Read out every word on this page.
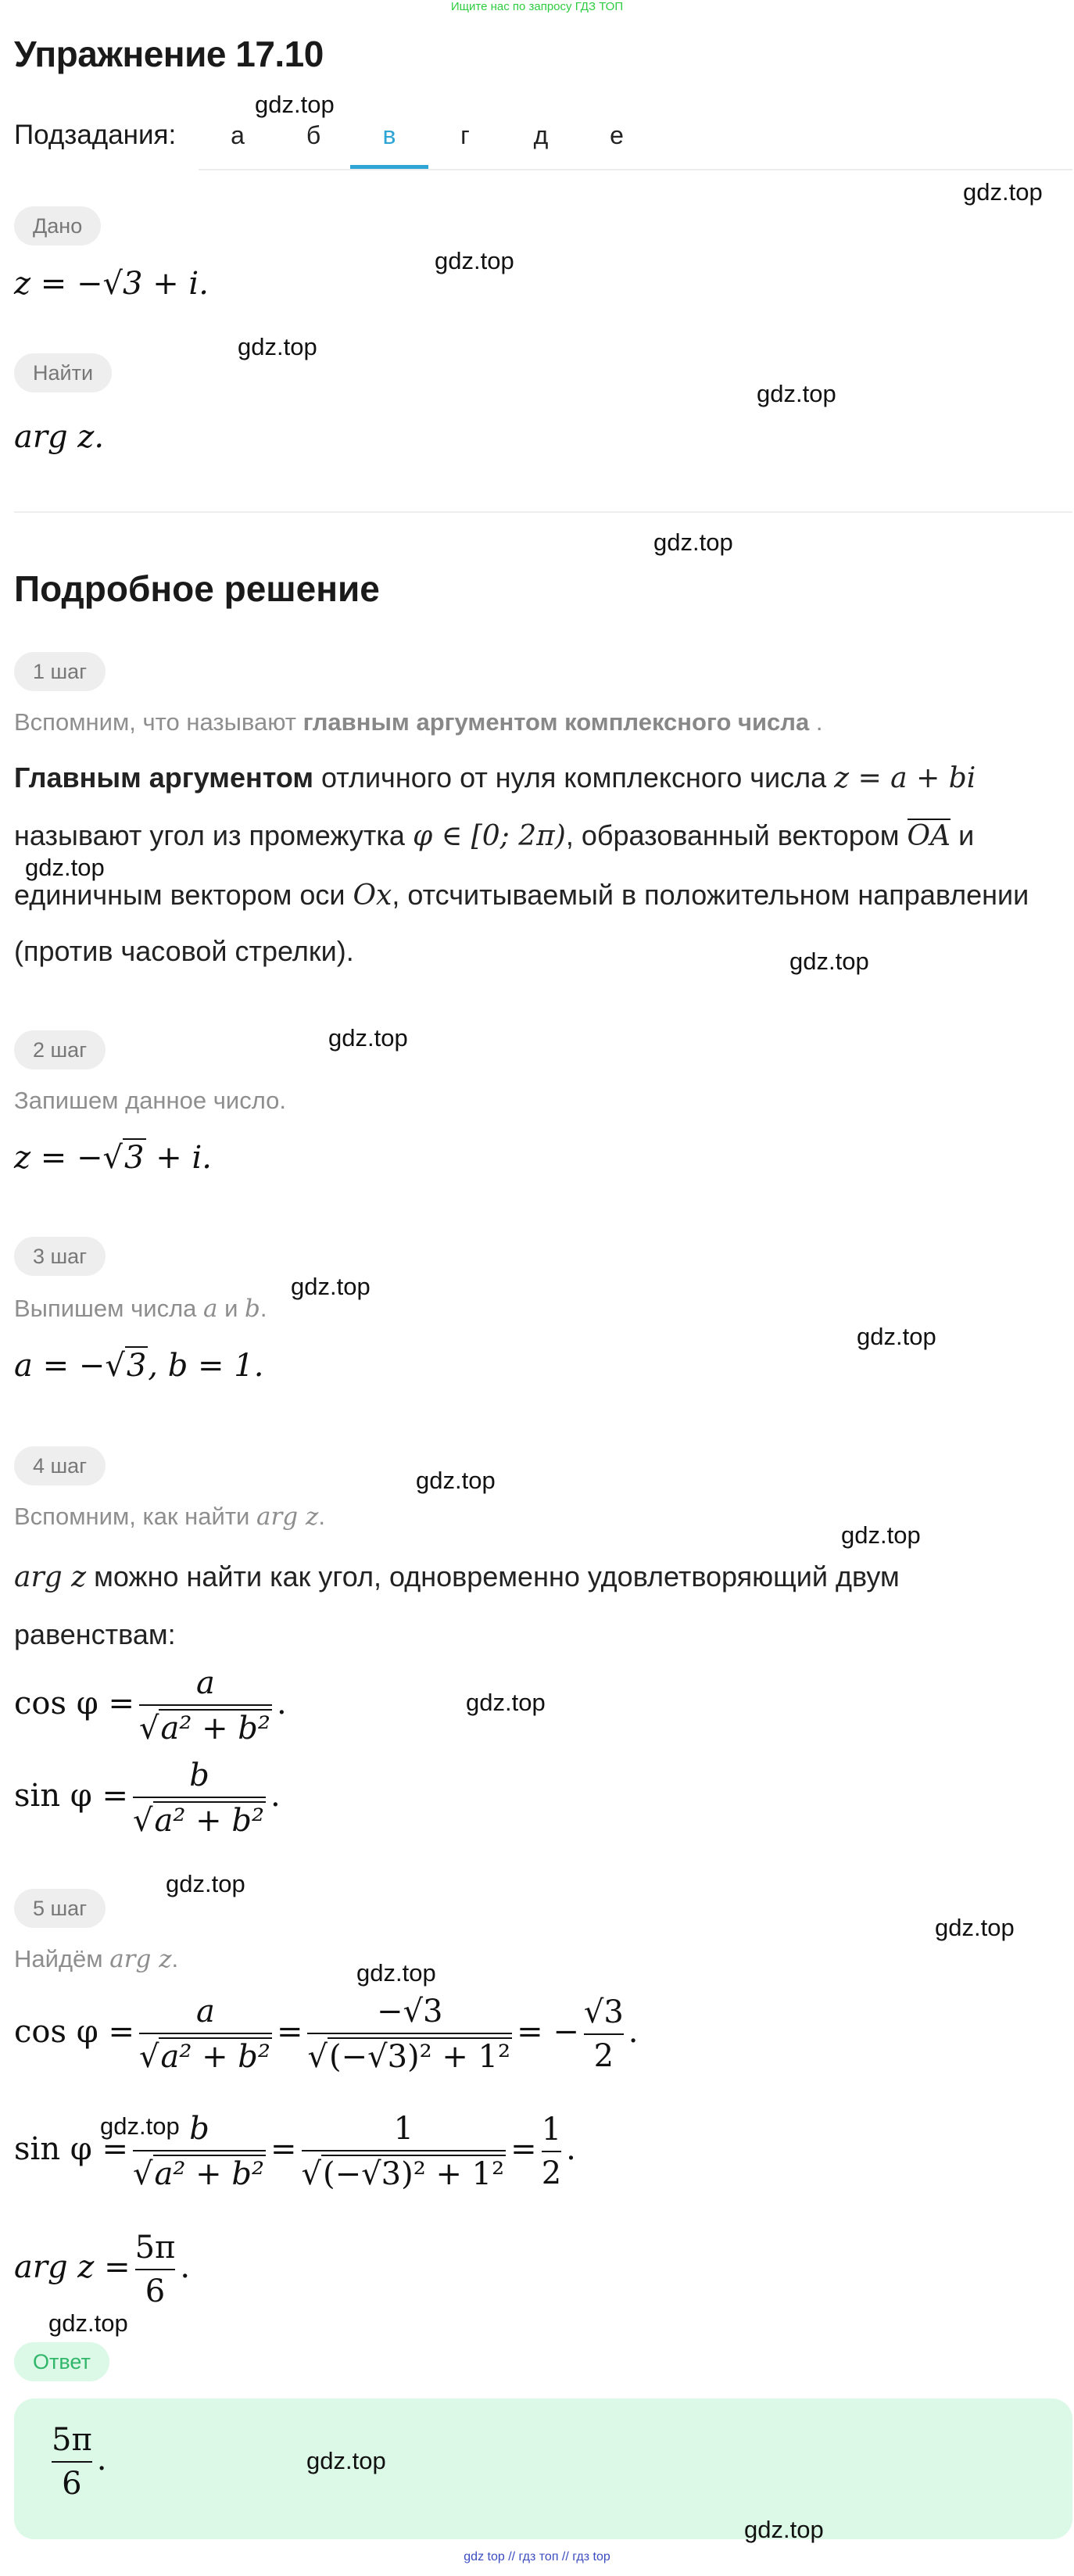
Ищите нас по запросу ГДЗ ТОП
Упражнение 17.10
Подзадания:	а	б	в	г	д	е
Дано
z = −√3 + i.
Найти
arg z.
Подробное решение
1 шаг
Вспомним, что называют главным аргументом комплексного числа .
Главным аргументом отличного от нуля комплексного числа z = a + bi
называют угол из промежутка φ ∈ [0; 2π), образованный вектором
OA и
единичным вектором оси Ox, отсчитываемый в положительном направлении
(против часовой стрелки).
2 шаг
Запишем данное число.
z = −√3 + i.
3 шаг
Выпишем числа a и b.
a = −√3, b = 1.
4 шаг
Вспомним, как найти arg z.
arg z можно найти как угол, одновременно удовлетворяющий двум
равенствам:
$\cos \varphi = \frac{a}{\text{√a² + b²}}$ .
$\sin \varphi = \frac{b}{\text{√a² + b²}}$ .
5 шаг
Найдём arg z.
$\cos \varphi = \frac{a}{\text{√a² + b²}} = \frac{-√3}{\text{√(−√3)² + 1²}}$ = − $\frac{√3}{2}$ .
$\sin \varphi = \frac{b}{\text{√a² + b²}} = \frac{1}{\text{√(−√3)² + 1²}} = \frac{1}{2}$ .
arg $z = \frac{5\pi}{6}$ .
Ответ
$\frac{5\pi}{6}$ .
gdz.top
gdz.top
gdz.top
gdz.top
gdz.top
gdz.top
gdz.top
gdz.top
gdz.top
gdz.top
gdz.top
gdz.top
gdz.top
gdz.top
gdz.top
gdz.top
gdz.top
gdz.top
gdz.top
gdz.top
gdz.top
gdz top // гдз топ // гдз top
